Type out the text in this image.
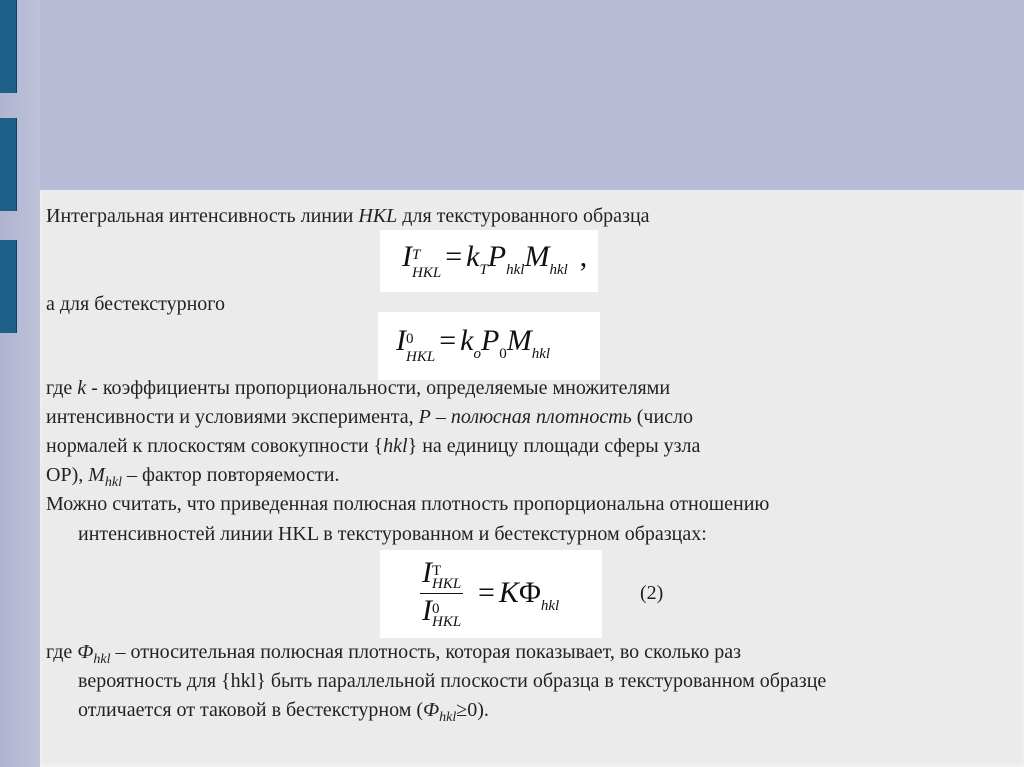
Интегральная интенсивность линии HKL для текстурованного образца
I T
HKL
= kTPhklMhkl ,
а для бестекстурного
I 0
HKL
= koP0Mhkl
где k - коэффициенты пропорциональности, определяемые множителями
интенсивности и условиями эксперимента, P – полюсная плотность (число
нормалей к плоскостям совокупности {hkl} на единицу площади сферы узла
ОР), $M_{hkl}$ – фактор повторяемости.
Можно считать, что приведенная полюсная плотность пропорциональна отношению
интенсивностей линии HKL в текстурованном и бестекстурном образцах:
I T
HKL
I 0
HKL
= KΦhkl
(2)
где $Ф_{hkl}$ – относительная полюсная плотность, которая показывает, во сколько раз
вероятность для {hkl} быть параллельной плоскости образца в текстурованном образце
отличается от таковой в бестекстурном $(Ф_{hkl}\ge 0)$.
